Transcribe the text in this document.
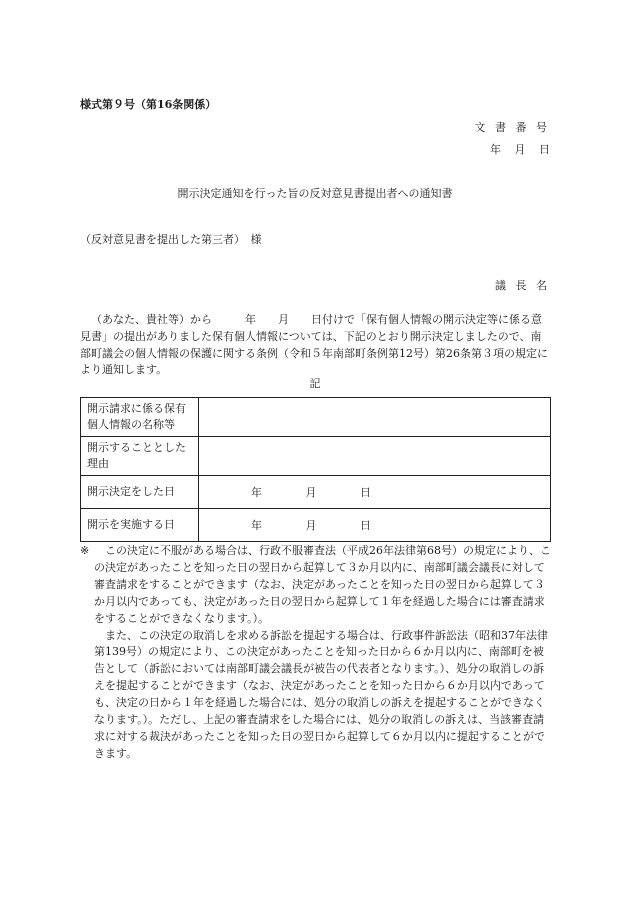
様式第９号（第16条関係）
文 書 番 号
年 月 日
開示決定通知を行った旨の反対意見書提出者への通知書
（反対意見書を提出した第三者）　様
議 長 名

（あなた、貴社等）から　　　年　　月　　日付けで「保有個人情報の開示決定等に係る意見書」の提出がありました保有個人情報については、下記のとおり開示決定しましたので、南部町議会の個人情報の保護に関する条例（令和５年南部町条例第12号）第26条第３項の規定により通知します。

記
開示請求に係る保有個人情報の名称等	
開示することとした理由	
開示決定をした日	年 月 日
開示を実施する日	年 月 日
※	この決定に不服がある場合は、行政不服審査法（平成26年法律第68号）の規定により、この決定があったことを知った日の翌日から起算して３か月以内に、南部町議会議長に対して審査請求をすることができます（なお、決定があったことを知った日の翌日から起算して３か月以内であっても、決定があった日の翌日から起算して１年を経過した場合には審査請求をすることができなくなります。）。

また、この決定の取消しを求める訴訟を提起する場合は、行政事件訴訟法（昭和37年法律第139号）の規定により、この決定があったことを知った日から６か月以内に、南部町を被告として（訴訟においては南部町議会議長が被告の代表者となります。）、処分の取消しの訴えを提起することができます（なお、決定があったことを知った日から６か月以内であっても、決定の日から１年を経過した場合には、処分の取消しの訴えを提起することができなくなります。）。ただし、上記の審査請求をした場合には、処分の取消しの訴えは、当該審査請求に対する裁決があったことを知った日の翌日から起算して６か月以内に提起することができます。
